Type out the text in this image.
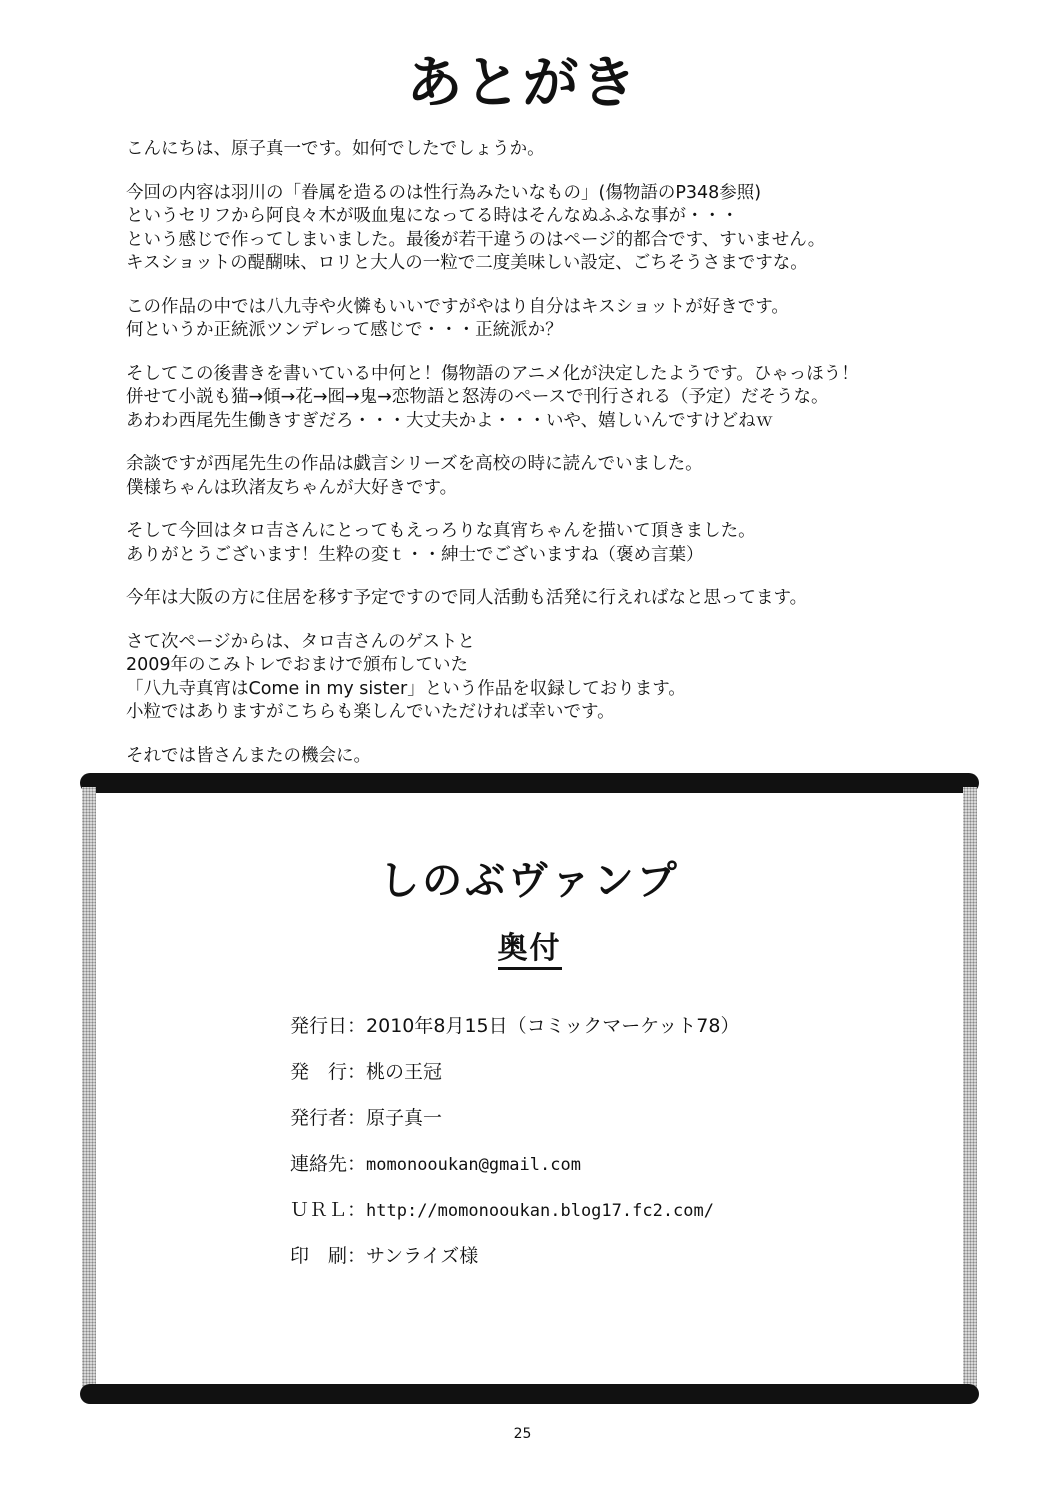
あとがき
こんにちは、原子真一です。如何でしたでしょうか。
今回の内容は羽川の「眷属を造るのは性行為みたいなもの」(傷物語のP348参照)
というセリフから阿良々木が吸血鬼になってる時はそんなぬふふな事が・・・
という感じで作ってしまいました。最後が若干違うのはページ的都合です、すいません。
キスショットの醍醐味、ロリと大人の一粒で二度美味しい設定、ごちそうさまですな。
この作品の中では八九寺や火憐もいいですがやはり自分はキスショットが好きです。
何というか正統派ツンデレって感じで・・・正統派か？
そしてこの後書きを書いている中何と！傷物語のアニメ化が決定したようです。ひゃっほう！
併せて小説も猫→傾→花→囮→鬼→恋物語と怒涛のペースで刊行される（予定）だそうな。
あわわ西尾先生働きすぎだろ・・・大丈夫かよ・・・いや、嬉しいんですけどねｗ
余談ですが西尾先生の作品は戯言シリーズを高校の時に読んでいました。
僕様ちゃんは玖渚友ちゃんが大好きです。
そして今回はタロ吉さんにとってもえっろりな真宵ちゃんを描いて頂きました。
ありがとうございます！生粋の変ｔ・・紳士でございますね（褒め言葉）
今年は大阪の方に住居を移す予定ですので同人活動も活発に行えればなと思ってます。
さて次ページからは、タロ吉さんのゲストと
2009年のこみトレでおまけで頒布していた
「八九寺真宵はCome in my sister」という作品を収録しております。
小粒ではありますがこちらも楽しんでいただければ幸いです。
それでは皆さんまたの機会に。
しのぶヴァンプ
奥付
発行日：2010年8月15日（コミックマーケット78）
発　行：桃の王冠
発行者：原子真一
連絡先：momonooukan@gmail.com
ＵＲＬ：http://momonooukan.blog17.fc2.com/
印　刷：サンライズ様
25
